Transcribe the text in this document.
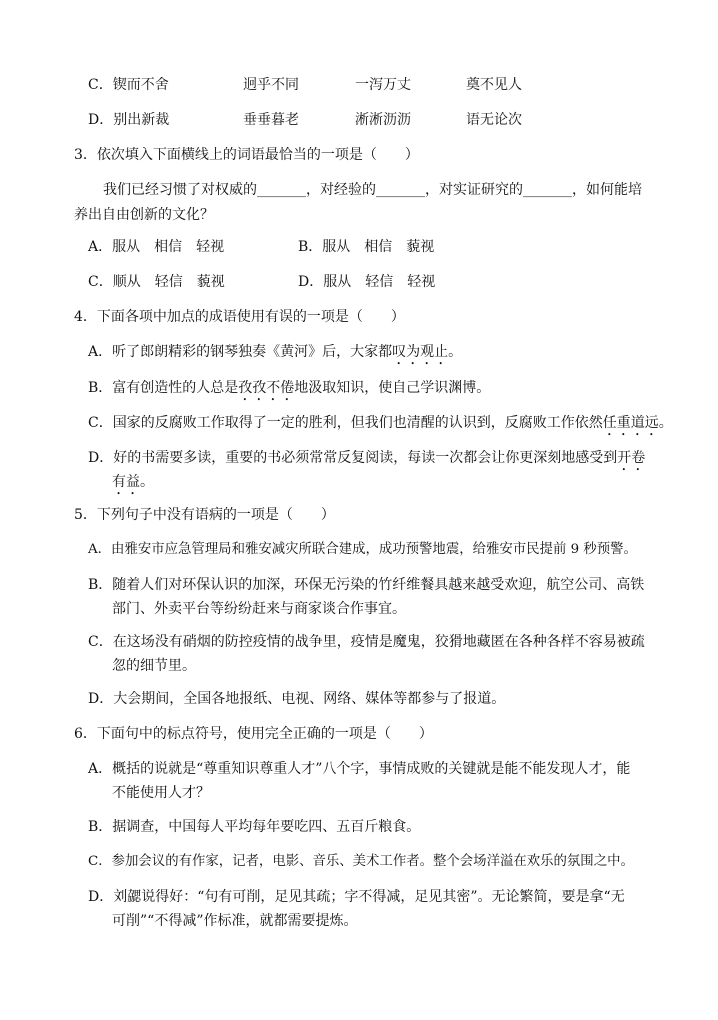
C．锲而不舍	迥乎不同	一泻万丈	奠不见人
D．别出新裁	垂垂暮老	淅淅沥沥	语无论次
3．依次填入下面横线上的词语最恰当的一项是（　　）
我们已经习惯了对权威的_______，对经验的_______，对实证研究的_______，如何能培
养出自由创新的文化？
A．服从　相信　轻视	B．服从　相信　藐视
C．顺从　轻信　藐视	D．服从　轻信　轻视
4．下面各项中加点的成语使用有误的一项是（　　）
A．听了郎朗精彩的钢琴独奏《黄河》后，大家都叹为观止。
B．富有创造性的人总是孜孜不倦地汲取知识，使自己学识渊博。
C．国家的反腐败工作取得了一定的胜利，但我们也清醒的认识到，反腐败工作依然任重道远。
D．好的书需要多读，重要的书必须常常反复阅读，每读一次都会让你更深刻地感受到开卷
有益。
5．下列句子中没有语病的一项是（　　）
A．由雅安市应急管理局和雅安减灾所联合建成，成功预警地震，给雅安市民提前 9 秒预警。
B．随着人们对环保认识的加深，环保无污染的竹纤维餐具越来越受欢迎，航空公司、高铁
部门、外卖平台等纷纷赶来与商家谈合作事宜。
C．在这场没有硝烟的防控疫情的战争里，疫情是魔鬼，狡猾地藏匿在各种各样不容易被疏
忽的细节里。
D．大会期间，全国各地报纸、电视、网络、媒体等都参与了报道。
6．下面句中的标点符号，使用完全正确的一项是（　　）
A．概括的说就是“尊重知识尊重人才”八个字，事情成败的关键就是能不能发现人才，能
不能使用人才？
B．据调查，中国每人平均每年要吃四、五百斤粮食。
C．参加会议的有作家，记者，电影、音乐、美术工作者。整个会场洋溢在欢乐的氛围之中。
D．刘勰说得好：“句有可削，足见其疏；字不得减，足见其密”。无论繁简，要是拿“无
可削”“不得减”作标准，就都需要提炼。
